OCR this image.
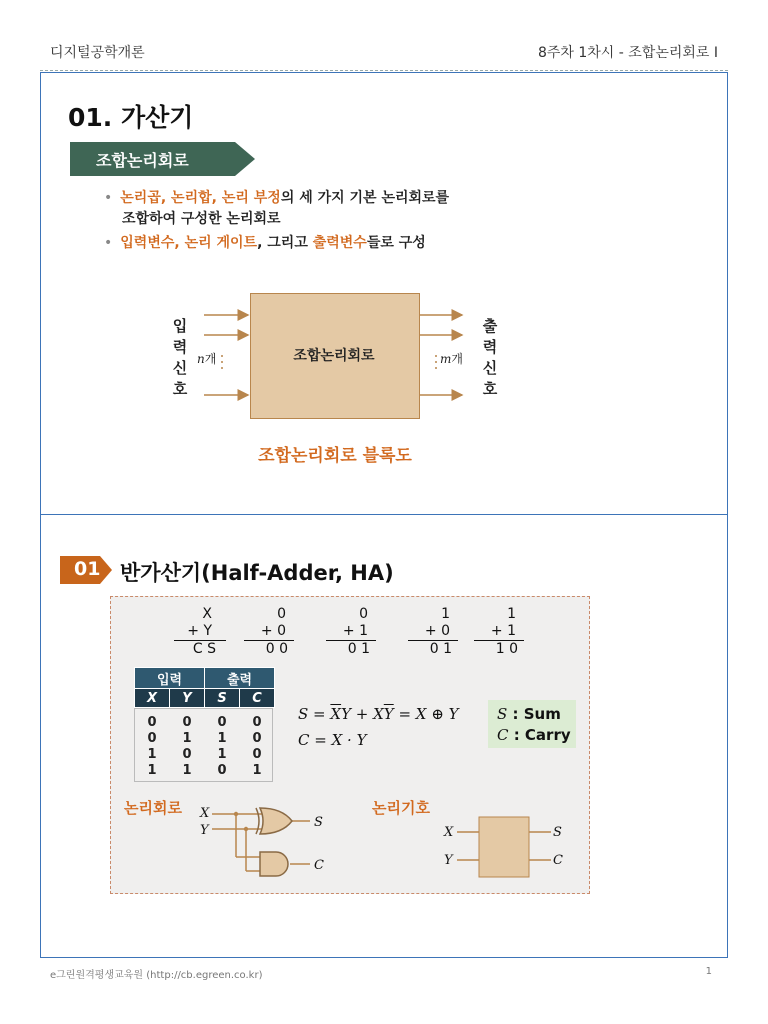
디지털공학개론	8주차 1차시 - 조합논리회로 I
01. 가산기
조합논리회로
• 논리곱, 논리합, 논리 부정의 세 가지 기본 논리회로를
조합하여 구성한 논리회로
• 입력변수, 논리 게이트, 그리고 출력변수들로 구성
조합논리회로
입
력
신
호
출
력
신
호
n개	m개
조합논리회로 블록도
01 반가산기(Half-Adder, HA)
X
+ Y
C S
0
+ 0
0 0
0
+ 1
0 1
1
+ 0
0 1
1
+ 1
1 0
입력		출력	
X	Y	S	C

0	0	0	0
0	1	1	0
1	0	1	0
1	1	0	1
$S = \overline{X}Y + X\overline{Y} = X$ ⊕ Y
C = X · Y
S : Sum
C : Carry
논리회로 X
Y
S
C
논리기호
X
Y
S
C
e그린원격평생교육원 (http://cb.egreen.co.kr)	1
